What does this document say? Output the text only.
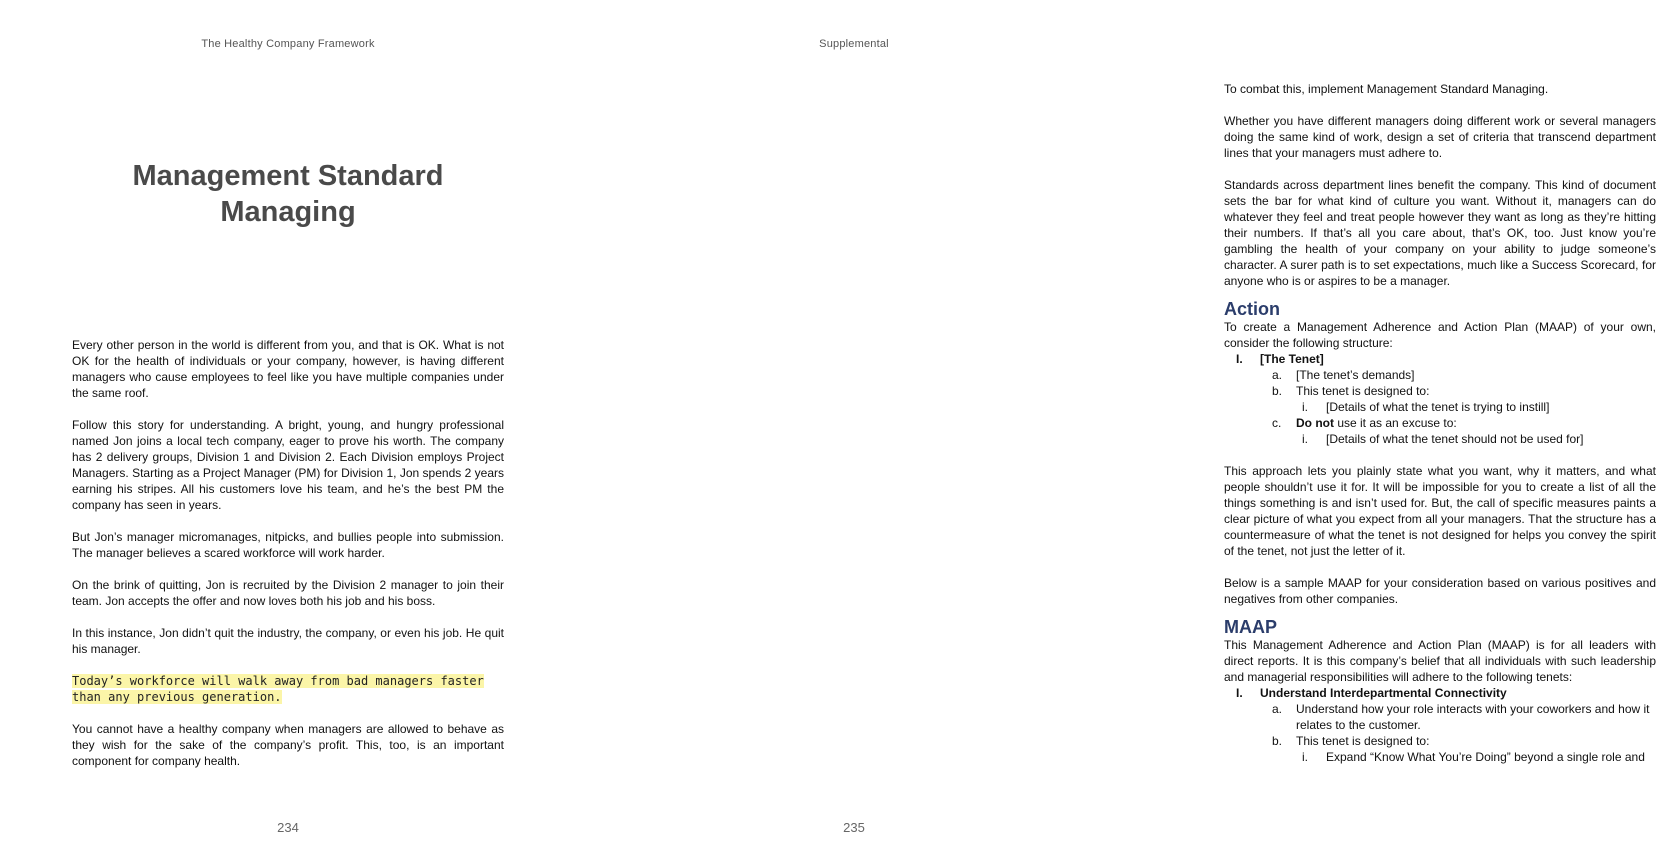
The Healthy Company Framework
Management Standard
Managing

Every other person in the world is different from you, and that is OK. What is not OK for the health of individuals or your company, however, is having different managers who cause employees to feel like you have multiple companies under the same roof.

Follow this story for understanding. A bright, young, and hungry professional named Jon joins a local tech company, eager to prove his worth. The company has 2 delivery groups, Division 1 and Division 2. Each Division employs Project Managers. Starting as a Project Manager (PM) for Division 1, Jon spends 2 years earning his stripes. All his customers love his team, and he’s the best PM the company has seen in years.

But Jon’s manager micromanages, nitpicks, and bullies people into submission. The manager believes a scared workforce will work harder.

On the brink of quitting, Jon is recruited by the Division 2 manager to join their team. Jon accepts the offer and now loves both his job and his boss.

In this instance, Jon didn’t quit the industry, the company, or even his job. He quit his manager.

Today’s workforce will walk away from bad managers faster than any previous generation.

You cannot have a healthy company when managers are allowed to behave as they wish for the sake of the company’s profit. This, too, is an important component for company health.

234
Supplemental

To combat this, implement Management Standard Managing.

Whether you have different managers doing different work or several managers doing the same kind of work, design a set of criteria that transcend department lines that your managers must adhere to.

Standards across department lines benefit the company. This kind of document sets the bar for what kind of culture you want. Without it, managers can do whatever they feel and treat people however they want as long as they’re hitting their numbers. If that’s all you care about, that’s OK, too. Just know you’re gambling the health of your company on your ability to judge someone’s character. A surer path is to set expectations, much like a Success Scorecard, for anyone who is or aspires to be a manager.

Action
To create a Management Adherence and Action Plan (MAAP) of your own, consider the following structure:
I.	[The Tenet]
a.	[The tenet’s demands]
b.	This tenet is designed to:
i.	[Details of what the tenet is trying to instill]
c.	Do not use it as an excuse to:
i.	[Details of what the tenet should not be used for]

This approach lets you plainly state what you want, why it matters, and what people shouldn’t use it for. It will be impossible for you to create a list of all the things something is and isn’t used for. But, the call of specific measures paints a clear picture of what you expect from all your managers. That the structure has a countermeasure of what the tenet is not designed for helps you convey the spirit of the tenet, not just the letter of it.

Below is a sample MAAP for your consideration based on various positives and negatives from other companies.

MAAP
This Management Adherence and Action Plan (MAAP) is for all leaders with direct reports. It is this company’s belief that all individuals with such leadership and managerial responsibilities will adhere to the following tenets:
I.	Understand Interdepartmental Connectivity
a.	Understand how your role interacts with your coworkers and how it relates to the customer.
b.	This tenet is designed to:
i.	Expand “Know What You’re Doing” beyond a single role and
235
